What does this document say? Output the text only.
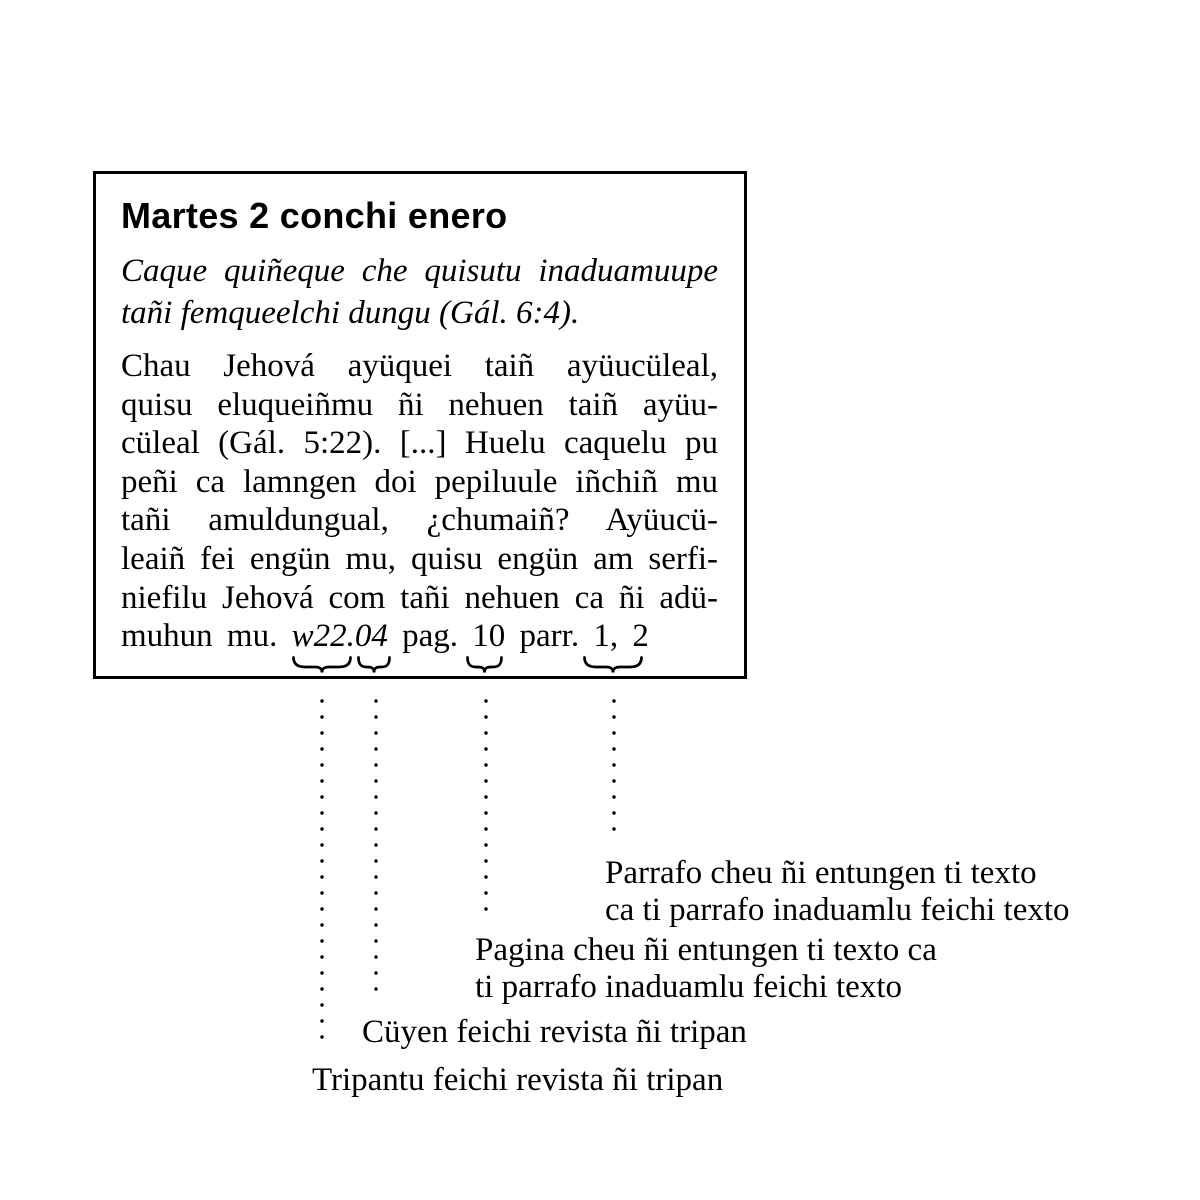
Martes 2 conchi enero
Caque quiñeque che quisutu inaduamuupe
tañi femqueelchi dungu (Gál. 6:4).
Chau Jehová ayüquei taiñ ayüucüleal,
quisu eluqueiñmu ñi nehuen taiñ ayüu-
cüleal (Gál. 5:22). [...] Huelu caquelu pu
peñi ca lamngen doi pepiluule iñchiñ mu
tañi amuldungual, ¿chumaiñ? Ayüucü-
leaiñ fei engün mu, quisu engün am serfi-
niefilu Jehová com tañi nehuen ca ñi adü-
muhun mu. w22.04 pag. 10 parr. 1, 2
Parrafo cheu ñi entungen ti texto
ca ti parrafo inaduamlu feichi texto
Pagina cheu ñi entungen ti texto ca
ti parrafo inaduamlu feichi texto
Cüyen feichi revista ñi tripan
Tripantu feichi revista ñi tripan
